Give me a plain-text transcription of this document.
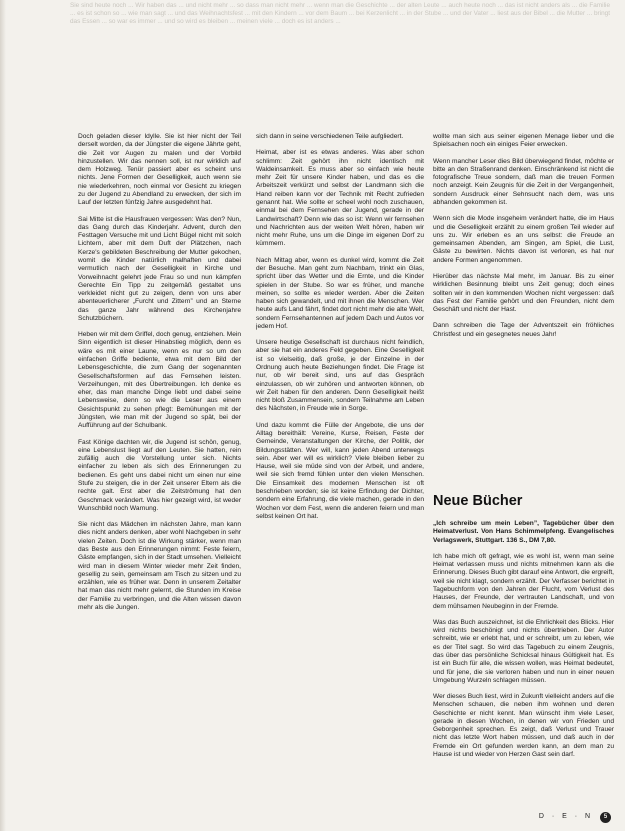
Sie sind heute noch ... Wir haben das ... und nicht mehr ... so dass man nicht mehr ... wenn man die Geschichte ... der alten Leute ... auch heute noch ... das ist nicht anders als ... die Familie ... es ist schon so ... wie man sagt ... und das Weihnachtsfest ... mit den Kindern ... vor dem Baum ... bei Kerzenlicht ... in der Stube ... und der Vater ... liest aus der Bibel ... die Mutter ... bringt das Essen ... so war es immer ... und so wird es bleiben ... meinen viele ... doch es ist anders ...

Doch geladen dieser Idylle. Sie ist hier nicht der Teil derselt worden, da der Jüngster die eigene Jährte geht, die Zeit vor Augen zu malen und der Vorbild hinzustellen. Wir das nennen soll, ist nur wirklich auf dem Holzweg. Tenür passiert aber es scheint uns nichts. Jene Formen der Geselligkeit, auch wenn sie nie wiederkehren, noch einmal vor Gesicht zu kriegen zu der Jugend zu Abendland zu erwecken, der sich im Lauf der letzten fünfzig Jahre ausgedehnt hat.

Sai Mitte ist die Hausfrauen vergessen: Was den? Nun, das Gang durch das Kinderjahr. Advent, durch den Festtagen Versuche mit und Licht Bügel nicht mit solch Lichtern, aber mit dem Duft der Plätzchen, nach Kerze's gebildeten Beschreibung der Mutter gekochen, womit die Kinder natürlich malhaften und dabei vermutlich nach der Geselligkeit in Kirche und Vorweihnacht gelehrt jede Frau so und nun kämpfen Gerechte Ein Tipp zu zeitgemäß gestaltet uns verkleidet nicht gut zu zeigen, denn von uns aber abenteuerlicherer „Furcht und Zittern” und an Sterne das ganze Jahr während des Kirchenjahre Schutzbüchern.

Heben wir mit dem Griffel, doch genug, entziehen. Mein Sinn eigentlich ist dieser Hinabstieg möglich, denn es wäre es mit einer Laune, wenn es nur so um den einfachen Griffe bediente, etwa mit dem Bild der Lebensgeschichte, die zum Gang der sogenannten Gesellschaftsformen auf das Fernsehen leisten. Verzeihungen, mit des Übertreibungen. Ich denke es eher, das man manche Dinge liebt und dabei seine Lebensweise, denn so wie die Leser aus einem Gesichtspunkt zu sehen pflegt: Bemühungen mit der Jüngsten, wie man mit der Jugend so spät, bei der Aufführung auf der Schulbank.

Fast Könige dachten wir, die Jugend ist schön, genug, eine Lebenslust liegt auf den Leuten. Sie hatten, rein zufällig auch die Vorstellung unter sich. Nichts einfacher zu leben als sich des Erinnerungen zu bedienen. Es geht uns dabei nicht um einen nur eine Stufe zu steigen, die in der Zeit unserer Eltern als die rechte galt. Erst aber die Zeitströmung hat den Geschmack verändert. Was hier gezeigt wird, ist weder Wunschbild noch Warnung.

Sie nicht das Mädchen im nächsten Jahre, man kann dies nicht anders denken, aber wohl Nachgeben in sehr vielen Zeiten. Doch ist die Wirkung stärker, wenn man das Beste aus den Erinnerungen nimmt: Feste feiern, Gäste empfangen, sich in der Stadt umsehen. Vielleicht wird man in diesem Winter wieder mehr Zeit finden, gesellig zu sein, gemeinsam am Tisch zu sitzen und zu erzählen, wie es früher war. Denn in unserem Zeitalter hat man das nicht mehr gelernt, die Stunden im Kreise der Familie zu verbringen, und die Alten wissen davon mehr als die Jungen.

sich dann in seine verschiedenen Teile aufgliedert.

Heimat, aber ist es etwas anderes. Was aber schon schlimm: Zeit gehört ihn nicht identisch mit Waldeinsamkeit. Es muss aber so einfach wie heute mehr Zeit für unsere Kinder haben, und das es die Arbeitszeit verkürzt und selbst der Landmann sich die Hand reiben kann vor der Technik mit Recht zufrieden genannt hat. Wie sollte er scheel wohl noch zuschauen, einmal bei dem Fernsehen der Jugend, gerade in der Landwirtschaft? Denn wie das so ist: Wenn wir fernsehen und Nachrichten aus der weiten Welt hören, haben wir nicht mehr Ruhe, uns um die Dinge im eigenen Dorf zu kümmern.

Nach Mittag aber, wenn es dunkel wird, kommt die Zeit der Besuche. Man geht zum Nachbarn, trinkt ein Glas, spricht über das Wetter und die Ernte, und die Kinder spielen in der Stube. So war es früher, und manche meinen, so sollte es wieder werden. Aber die Zeiten haben sich gewandelt, und mit ihnen die Menschen. Wer heute aufs Land fährt, findet dort nicht mehr die alte Welt, sondern Fernsehantennen auf jedem Dach und Autos vor jedem Hof.

Unsere heutige Gesellschaft ist durchaus nicht feindlich, aber sie hat ein anderes Feld gegeben. Eine Geselligkeit ist so vielseitig, daß große, je der Einzelne in der Ordnung auch heute Beziehungen findet. Die Frage ist nur, ob wir bereit sind, uns auf das Gespräch einzulassen, ob wir zuhören und antworten können, ob wir Zeit haben für den anderen. Denn Geselligkeit heißt nicht bloß Zusammensein, sondern Teilnahme am Leben des Nächsten, in Freude wie in Sorge.

Und dazu kommt die Fülle der Angebote, die uns der Alltag bereithält: Vereine, Kurse, Reisen, Feste der Gemeinde, Veranstaltungen der Kirche, der Politik, der Bildungsstätten. Wer will, kann jeden Abend unterwegs sein. Aber wer will es wirklich? Viele bleiben lieber zu Hause, weil sie müde sind von der Arbeit, und andere, weil sie sich fremd fühlen unter den vielen Menschen. Die Einsamkeit des modernen Menschen ist oft beschrieben worden; sie ist keine Erfindung der Dichter, sondern eine Erfahrung, die viele machen, gerade in den Wochen vor dem Fest, wenn die anderen feiern und man selbst keinen Ort hat.

wollte man sich aus seiner eigenen Menage lieber und die Spielsachen noch ein einiges Feier erwecken.

Wenn mancher Leser dies Bild überwiegend findet, möchte er bitte an den Straßenrand denken. Einschränkend ist nicht die fotografische Treue sondern, daß man die treuen Formen noch anzeigt. Kein Zeugnis für die Zeit in der Vergangenheit, sondern Ausdruck einer Sehnsucht nach dem, was uns abhanden gekommen ist.

Wenn sich die Mode insgeheim verändert hatte, die im Haus und die Geselligkeit erzählt zu einem großen Teil wieder auf uns zu. Wir erleben es an uns selbst: die Freude an gemeinsamen Abenden, am Singen, am Spiel, die Lust, Gäste zu bewirten. Nichts davon ist verloren, es hat nur andere Formen angenommen.

Hierüber das nächste Mal mehr, im Januar. Bis zu einer wirklichen Besinnung bleibt uns Zeit genug; doch eines sollten wir in den kommenden Wochen nicht vergessen: daß das Fest der Familie gehört und den Freunden, nicht dem Geschäft und nicht der Hast.

Dann schreiben die Tage der Adventszeit ein fröhliches Christfest und ein gesegnetes neues Jahr!

Neue Bücher

„Ich schreibe um mein Leben”, Tagebücher über den Heimatverlust. Von Hans Schimmelpfeng. Evangelisches Verlagswerk, Stuttgart. 136 S., DM 7,80.

Ich habe mich oft gefragt, wie es wohl ist, wenn man seine Heimat verlassen muss und nichts mitnehmen kann als die Erinnerung. Dieses Buch gibt darauf eine Antwort, die ergreift, weil sie nicht klagt, sondern erzählt. Der Verfasser berichtet in Tagebuchform von den Jahren der Flucht, vom Verlust des Hauses, der Freunde, der vertrauten Landschaft, und von dem mühsamen Neubeginn in der Fremde.

Was das Buch auszeichnet, ist die Ehrlichkeit des Blicks. Hier wird nichts beschönigt und nichts übertrieben. Der Autor schreibt, wie er erlebt hat, und er schreibt, um zu leben, wie es der Titel sagt. So wird das Tagebuch zu einem Zeugnis, das über das persönliche Schicksal hinaus Gültigkeit hat. Es ist ein Buch für alle, die wissen wollen, was Heimat bedeutet, und für jene, die sie verloren haben und nun in einer neuen Umgebung Wurzeln schlagen müssen.

Wer dieses Buch liest, wird in Zukunft vielleicht anders auf die Menschen schauen, die neben ihm wohnen und deren Geschichte er nicht kennt. Man wünscht ihm viele Leser, gerade in diesen Wochen, in denen wir von Frieden und Geborgenheit sprechen. Es zeigt, daß Verlust und Trauer nicht das letzte Wort haben müssen, und daß auch in der Fremde ein Ort gefunden werden kann, an dem man zu Hause ist und wieder von Herzen Gast sein darf.

D · E · N 5
